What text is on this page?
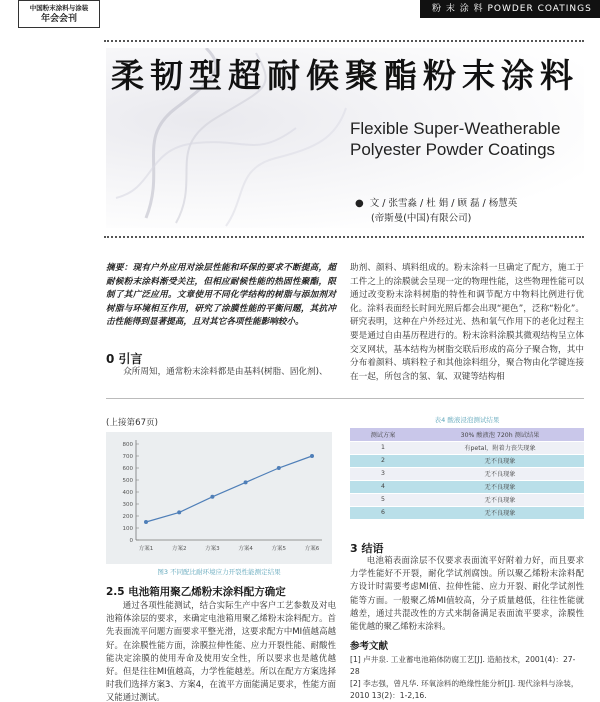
中国粉末涂料与涂装
年会会刊
粉 末 涂 料 POWDER COATINGS
柔韧型超耐候聚酯粉末涂料
Flexible Super-Weatherable
Polyester Powder Coatings
● 文 / 张雪淼 / 杜 娟 / 顾 磊 / 杨慧英
(帝斯曼(中国)有限公司)
摘要：现有户外应用对涂层性能和环保的要求不断提高，超耐候粉末涂料渐受关注，但相应耐候性能的热固性聚酯，限制了其广泛应用。文章使用不同化学结构的树脂与添加剂对树脂与环境相互作用，研究了涂膜性能的平衡问题，其抗冲击性能得到显著提高，且对其它各项性能影响较小。
0 引言
众所周知，通常粉末涂料都是由基料(树脂、固化剂)、
助剂、颜料、填料组成的。粉末涂料一旦确定了配方，施工于工件之上的涂膜就会呈现一定的物理性能，这些物理性能可以通过改变粉末涂料树脂的特性和调节配方中物料比例进行优化。涂料表面经长时间光照后都会出现“褪色”，泛称“粉化”。研究表明，这种在户外经过光、热和氧气作用下的老化过程主要是通过自由基历程进行的。粉末涂料涂膜其微观结构呈立体交叉网状，基本结构为树脂交联后形成的高分子聚合物，其中分布着颜料、填料粒子和其他涂料组分，聚合物由化学键连接在一起，所包含的氢、氧、双键等结构相
(上接第67页)
0
100
200
300
400
500
600
700
800
方案1	方案2	方案3	方案4	方案5	方案6
图3 不同配比耐环境应力开裂性能测定结果
2.5 电池箱用聚乙烯粉末涂料配方确定
通过各项性能测试，结合实际生产中客户工艺参数及对电池箱体涂层的要求，来确定电池箱用聚乙烯粉末涂料配方。首先表面流平问题方面要求平整光滑，这要求配方中MI值越高越好。在涂膜性能方面，涂膜拉伸性能、应力开裂性能、耐酸性能决定涂膜的使用寿命及使用安全性，所以要求也是越优越好。但是往往MI值越高，力学性能越差。所以在配方方案选择时我们选择方案3、方案4，在流平方面能满足要求，性能方面又能通过测试。
表4 酸液浸泡测试结果
测试方案	30% 酸液泡 720h 测试结果
1	有petal，附着力丧失现象
2	无不良现象
3	无不良现象
4	无不良现象
5	无不良现象
6	无不良现象
3 结语
电池箱表面涂层不仅要求表面流平好附着力好，而且要求力学性能好不开裂，耐化学试剂腐蚀。所以聚乙烯粉末涂料配方设计时需要考虑MI值、拉伸性能、应力开裂、耐化学试剂性能等方面。一般聚乙烯MI值较高，分子质量越低，往往性能就越差，通过共混改性的方式来制备满足表面流平要求，涂膜性能优越的聚乙烯粉末涂料。
参考文献
[1] 卢井泉. 工业蓄电池箱体防腐工艺[J]. 造船技术，2001(4)：27-28
[2] 李志强，曾凡华. 环氧涂料的绝缘性能分析[J]. 现代涂料与涂装，2010 13(2)：1-2,16.
